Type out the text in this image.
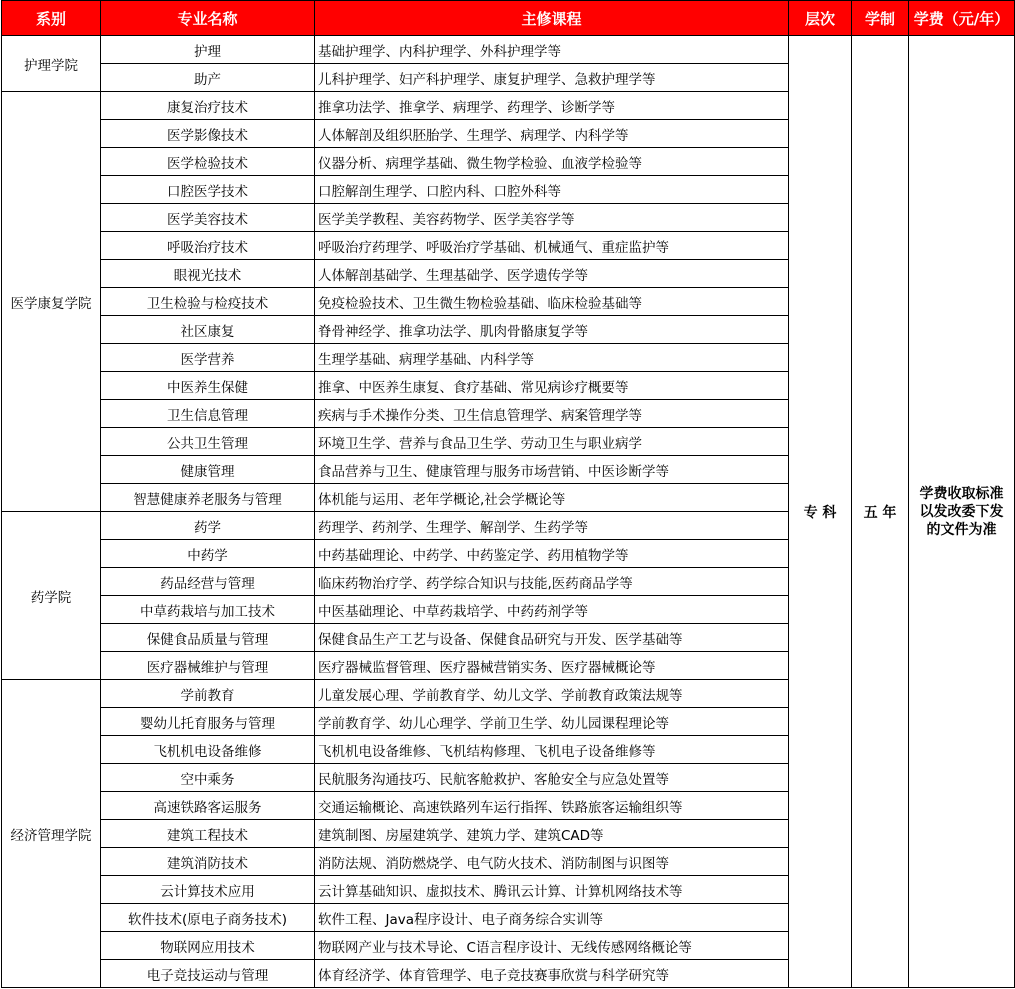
系别	专业名称	主修课程	层次	学制	学费（元/年）
护理学院	护理	基础护理学、内科护理学、外科护理学等	专 科	五 年	学费收取标准以发改委下发的文件为准
	助产	儿科护理学、妇产科护理学、康复护理学、急救护理学等			
医学康复学院	康复治疗技术	推拿功法学、推拿学、病理学、药理学、诊断学等			
	医学影像技术	人体解剖及组织胚胎学、生理学、病理学、内科学等			
	医学检验技术	仪器分析、病理学基础、微生物学检验、血液学检验等			
	口腔医学技术	口腔解剖生理学、口腔内科、口腔外科等			
	医学美容技术	医学美学教程、美容药物学、医学美容学等			
	呼吸治疗技术	呼吸治疗药理学、呼吸治疗学基础、机械通气、重症监护等			
	眼视光技术	人体解剖基础学、生理基础学、医学遗传学等			
	卫生检验与检疫技术	免疫检验技术、卫生微生物检验基础、临床检验基础等			
	社区康复	脊骨神经学、推拿功法学、肌肉骨骼康复学等			
	医学营养	生理学基础、病理学基础、内科学等			
	中医养生保健	推拿、中医养生康复、食疗基础、常见病诊疗概要等			
	卫生信息管理	疾病与手术操作分类、卫生信息管理学、病案管理学等			
	公共卫生管理	环境卫生学、营养与食品卫生学、劳动卫生与职业病学			
	健康管理	食品营养与卫生、健康管理与服务市场营销、中医诊断学等			
	智慧健康养老服务与管理	体机能与运用、老年学概论,社会学概论等			
药学院	药学	药理学、药剂学、生理学、解剖学、生药学等			
	中药学	中药基础理论、中药学、中药鉴定学、药用植物学等			
	药品经营与管理	临床药物治疗学、药学综合知识与技能,医药商品学等			
	中草药栽培与加工技术	中医基础理论、中草药栽培学、中药药剂学等			
	保健食品质量与管理	保健食品生产工艺与设备、保健食品研究与开发、医学基础等			
	医疗器械维护与管理	医疗器械监督管理、医疗器械营销实务、医疗器械概论等			
经济管理学院	学前教育	儿童发展心理、学前教育学、幼儿文学、学前教育政策法规等			
	婴幼儿托育服务与管理	学前教育学、幼儿心理学、学前卫生学、幼儿园课程理论等			
	飞机机电设备维修	飞机机电设备维修、飞机结构修理、飞机电子设备维修等			
	空中乘务	民航服务沟通技巧、民航客舱救护、客舱安全与应急处置等			
	高速铁路客运服务	交通运输概论、高速铁路列车运行指挥、铁路旅客运输组织等			
	建筑工程技术	建筑制图、房屋建筑学、建筑力学、建筑CAD等			
	建筑消防技术	消防法规、消防燃烧学、电气防火技术、消防制图与识图等			
	云计算技术应用	云计算基础知识、虚拟技术、腾讯云计算、计算机网络技术等			
	软件技术(原电子商务技术)	软件工程、Java程序设计、电子商务综合实训等			
	物联网应用技术	物联网产业与技术导论、C语言程序设计、无线传感网络概论等			
	电子竞技运动与管理	体育经济学、体育管理学、电子竞技赛事欣赏与科学研究等			
